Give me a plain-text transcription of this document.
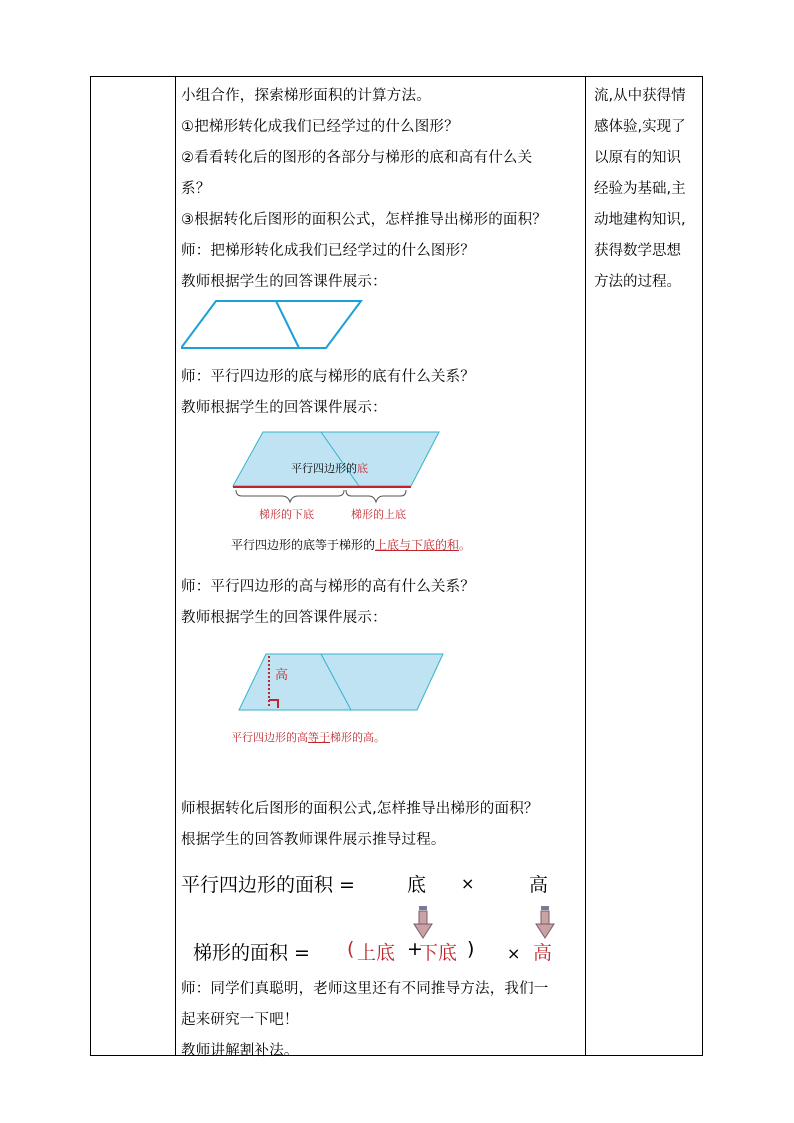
小组合作，探索梯形面积的计算方法。
①把梯形转化成我们已经学过的什么图形？
②看看转化后的图形的各部分与梯形的底和高有什么关
系？
③根据转化后图形的面积公式，怎样推导出梯形的面积？
师：把梯形转化成我们已经学过的什么图形？
教师根据学生的回答课件展示：
师：平行四边形的底与梯形的底有什么关系？
教师根据学生的回答课件展示：
平行四边形的底
梯形的下底	梯形的上底
平行四边形的底等于梯形的上底与下底的和。
师：平行四边形的高与梯形的高有什么关系？
教师根据学生的回答课件展示：
高
平行四边形的高等于梯形的高。
师根据转化后图形的面积公式,怎样推导出梯形的面积？
根据学生的回答教师课件展示推导过程。
平行四边形的面积 =	底 ×	高
梯形的面积 = ( 上底 +
下底 ) × 高
师：同学们真聪明，老师这里还有不同推导方法，我们一
起来研究一下吧！
教师讲解割补法。
流,从中获得情
感体验,实现了
以原有的知识
经验为基础,主
动地建构知识,
获得数学思想
方法的过程。
